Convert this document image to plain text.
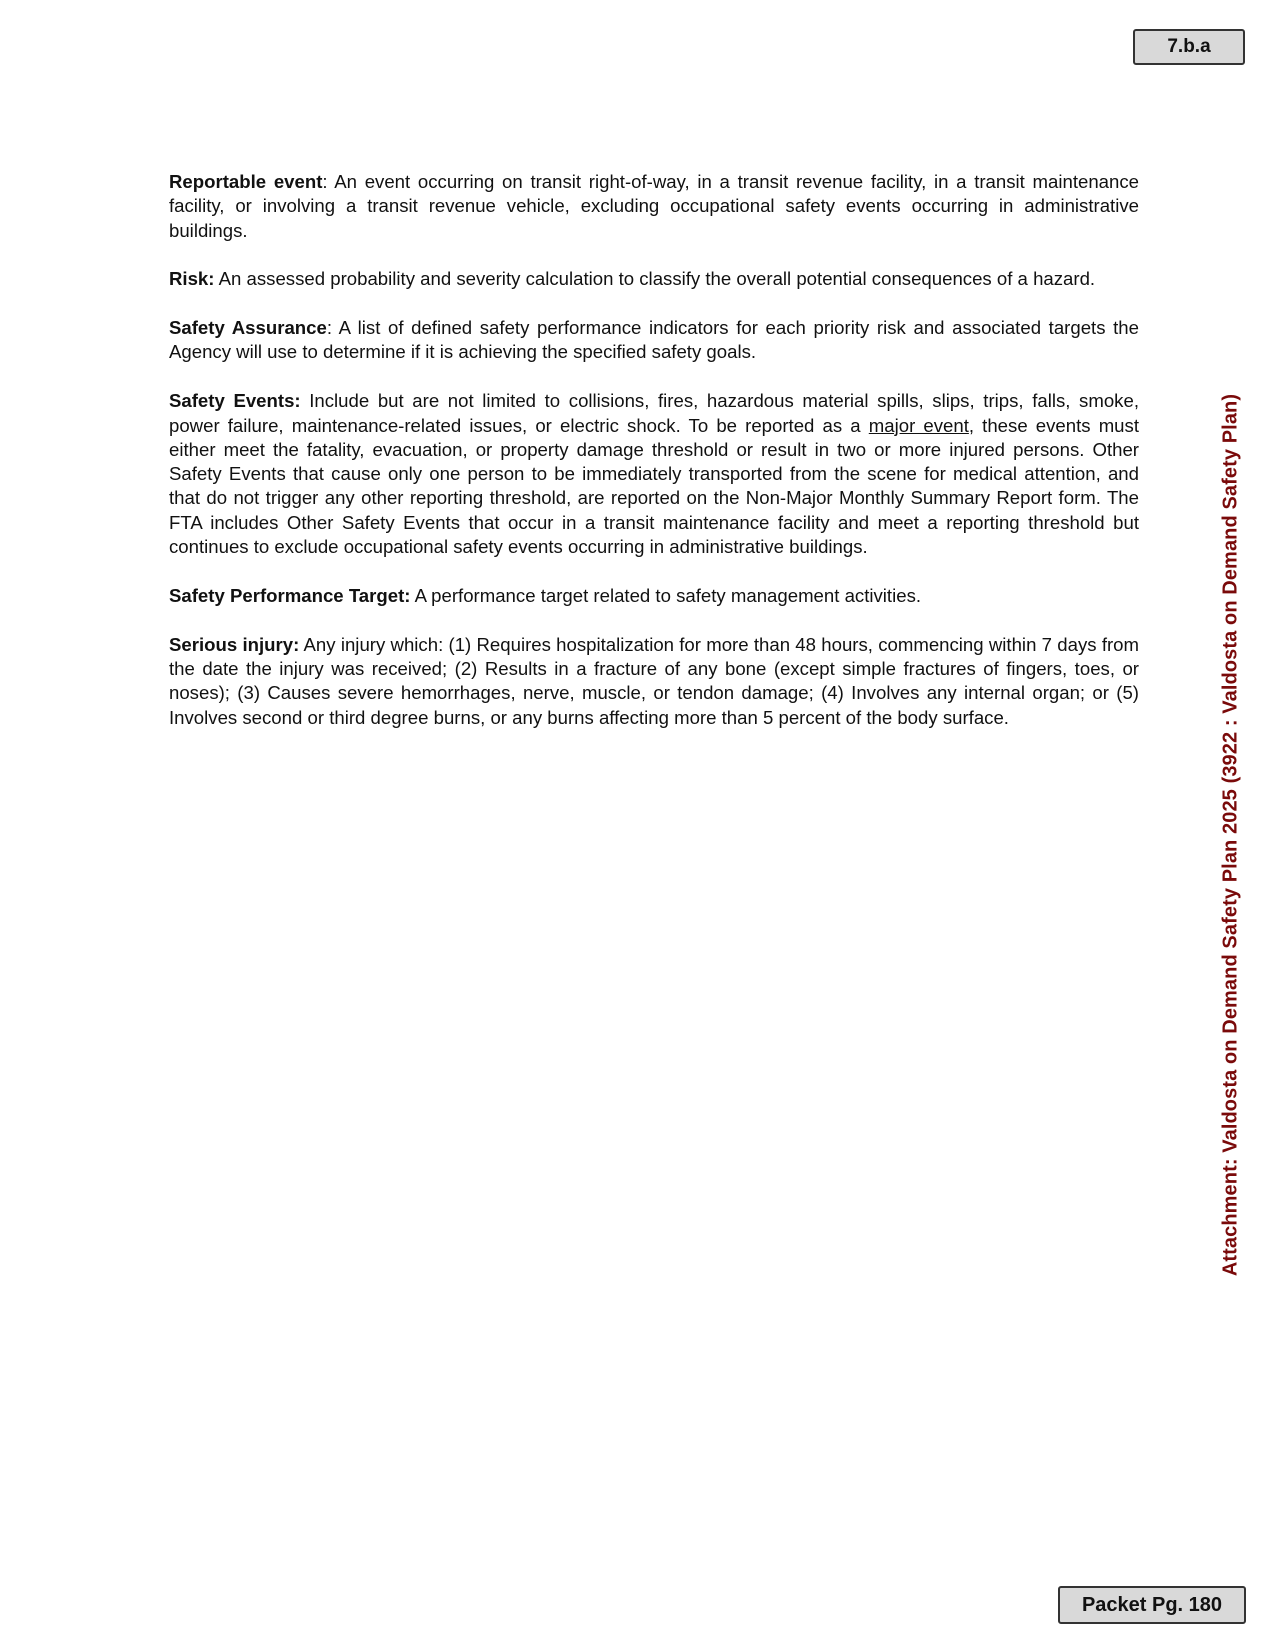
7.b.a

Reportable event: An event occurring on transit right-of-way, in a transit revenue facility, in a transit maintenance facility, or involving a transit revenue vehicle, excluding occupational safety events occurring in administrative buildings.

Risk: An assessed probability and severity calculation to classify the overall potential consequences of a hazard.

Safety Assurance: A list of defined safety performance indicators for each priority risk and associated targets the Agency will use to determine if it is achieving the specified safety goals.

Safety Events: Include but are not limited to collisions, fires, hazardous material spills, slips, trips, falls, smoke, power failure, maintenance-related issues, or electric shock. To be reported as a major event, these events must either meet the fatality, evacuation, or property damage threshold or result in two or more injured persons. Other Safety Events that cause only one person to be immediately transported from the scene for medical attention, and that do not trigger any other reporting threshold, are reported on the Non-Major Monthly Summary Report form. The FTA includes Other Safety Events that occur in a transit maintenance facility and meet a reporting threshold but continues to exclude occupational safety events occurring in administrative buildings.

Safety Performance Target: A performance target related to safety management activities.

Serious injury: Any injury which: (1) Requires hospitalization for more than 48 hours, commencing within 7 days from the date the injury was received; (2) Results in a fracture of any bone (except simple fractures of fingers, toes, or noses); (3) Causes severe hemorrhages, nerve, muscle, or tendon damage; (4) Involves any internal organ; or (5) Involves second or third degree burns, or any burns affecting more than 5 percent of the body surface.	Attachment: Valdosta on Demand Safety Plan 2025 (3922 : Valdosta on Demand Safety Plan)
Packet Pg. 180
